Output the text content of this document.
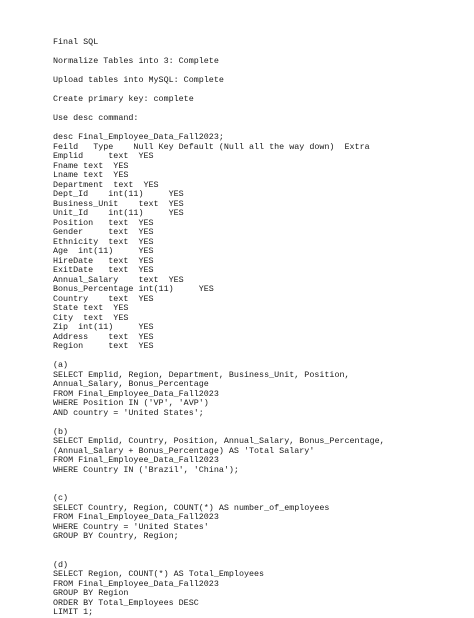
Final SQL
Normalize Tables into 3: Complete
Upload tables into MySQL: Complete
Create primary key: complete
Use desc command:
desc Final_Employee_Data_Fall2023;
Feild   Type    Null Key Default (Null all the way down)  Extra
Emplid     text  YES
Fname text  YES
Lname text  YES
Department  text  YES
Dept_Id    int(11)     YES
Business_Unit    text  YES
Unit_Id    int(11)     YES
Position   text  YES
Gender     text  YES
Ethnicity  text  YES
Age  int(11)     YES
HireDate   text  YES
ExitDate   text  YES
Annual_Salary    text  YES
Bonus_Percentage int(11)     YES
Country    text  YES
State text  YES
City  text  YES
Zip  int(11)     YES
Address    text  YES
Region     text  YES
(a)
SELECT Emplid, Region, Department, Business_Unit, Position,
Annual_Salary, Bonus_Percentage
FROM Final_Employee_Data_Fall2023
WHERE Position IN ('VP', 'AVP')
AND country = 'United States';
(b)
SELECT Emplid, Country, Position, Annual_Salary, Bonus_Percentage,
(Annual_Salary + Bonus_Percentage) AS 'Total Salary'
FROM Final_Employee_Data_Fall2023
WHERE Country IN ('Brazil', 'China');
(c)
SELECT Country, Region, COUNT(*) AS number_of_employees
FROM Final_Employee_Data_Fall2023
WHERE Country = 'United States'
GROUP BY Country, Region;
(d)
SELECT Region, COUNT(*) AS Total_Employees
FROM Final_Employee_Data_Fall2023
GROUP BY Region
ORDER BY Total_Employees DESC
LIMIT 1;
